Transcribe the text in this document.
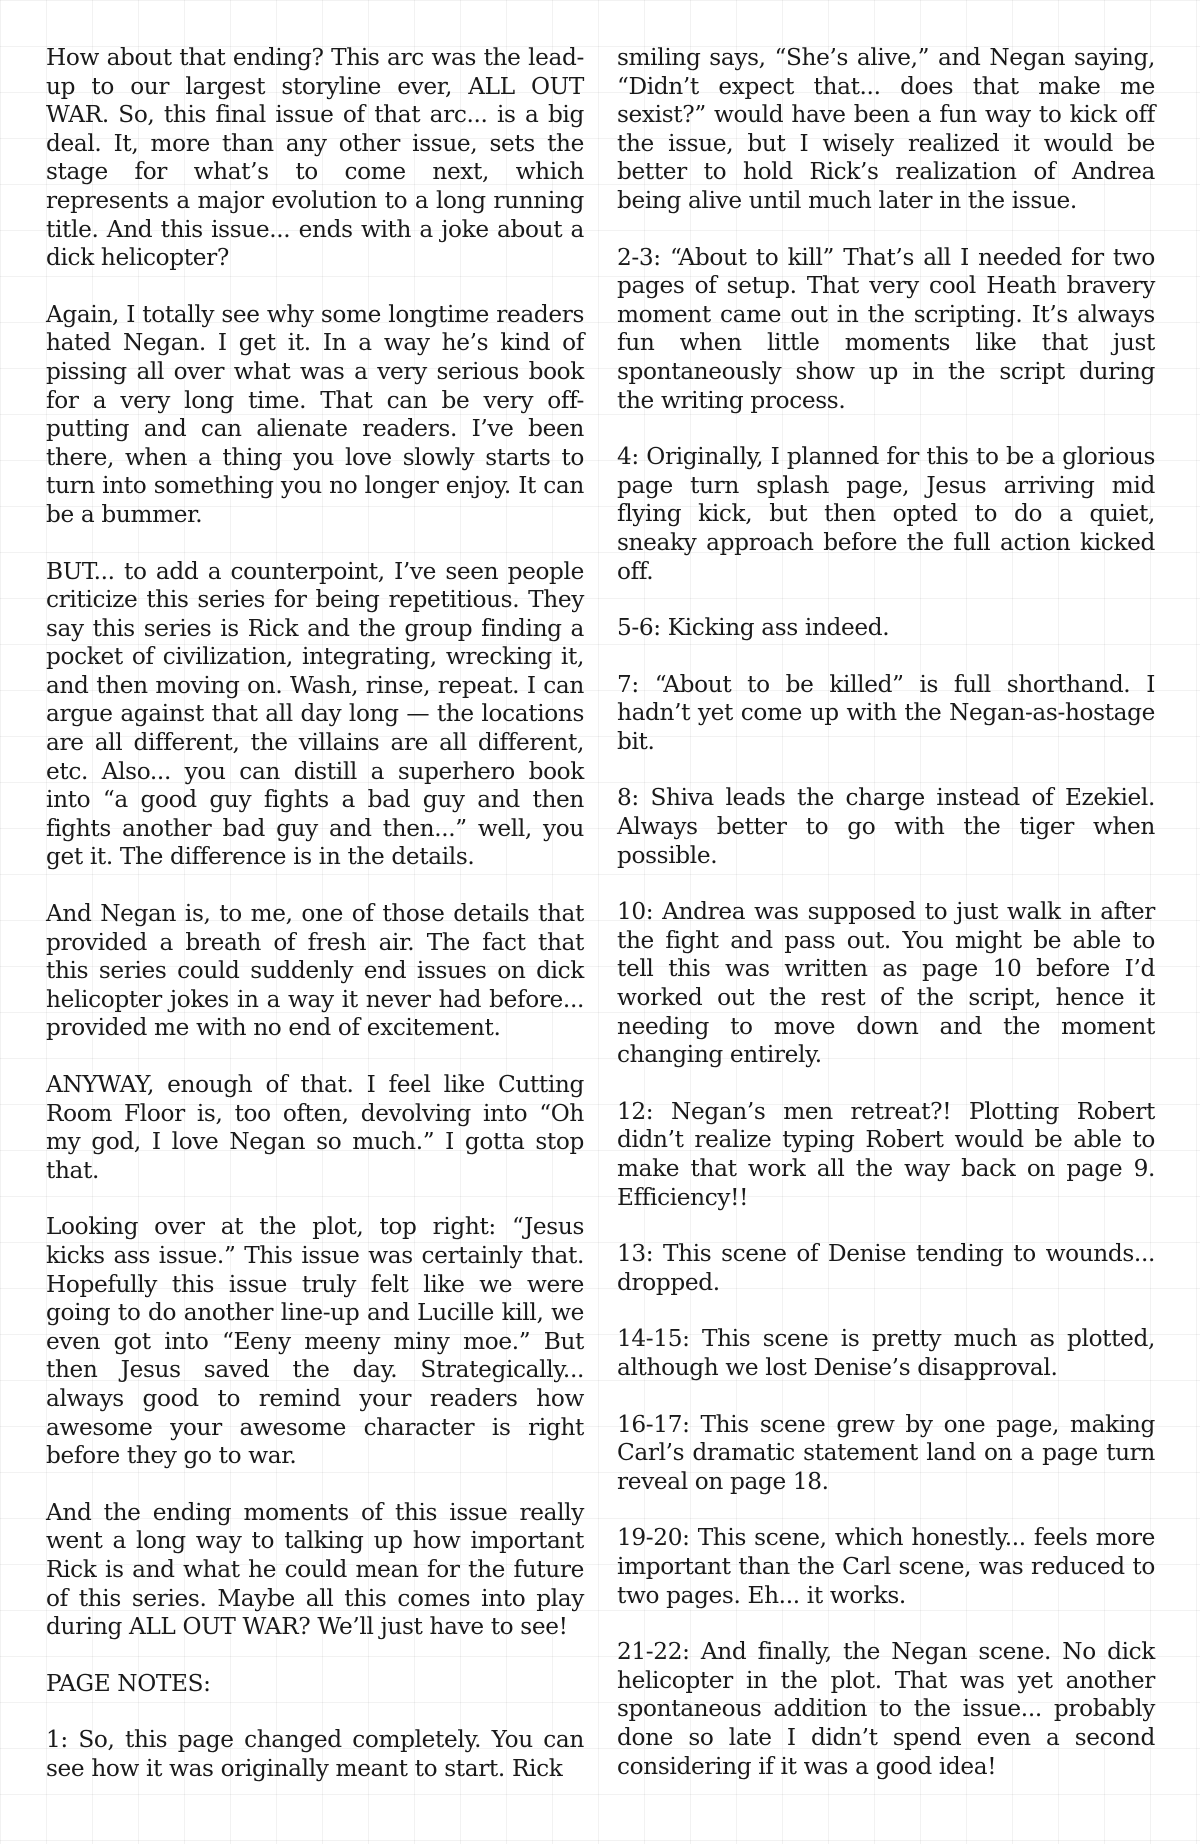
How about that ending? This arc was the lead-up to our largest storyline ever, ALL OUT WAR. So, this final issue of that arc... is a big deal. It, more than any other issue, sets the stage for what’s to come next, which represents a major evolution to a long running title. And this issue... ends with a joke about a dick helicopter?

Again, I totally see why some longtime readers hated Negan. I get it. In a way he’s kind of pissing all over what was a very serious book for a very long time. That can be very off-putting and can alienate readers. I’ve been there, when a thing you love slowly starts to turn into something you no longer enjoy. It can be a bummer.

BUT... to add a counterpoint, I’ve seen people criticize this series for being repetitious. They say this series is Rick and the group finding a pocket of civilization, integrating, wrecking it, and then moving on. Wash, rinse, repeat. I can argue against that all day long — the locations are all different, the villains are all different, etc. Also... you can distill a superhero book into “a good guy fights a bad guy and then fights another bad guy and then...” well, you get it. The difference is in the details.

And Negan is, to me, one of those details that provided a breath of fresh air. The fact that this series could suddenly end issues on dick helicopter jokes in a way it never had before... provided me with no end of excitement.

ANYWAY, enough of that. I feel like Cutting Room Floor is, too often, devolving into “Oh my god, I love Negan so much.” I gotta stop that.

Looking over at the plot, top right: “Jesus kicks ass issue.” This issue was certainly that. Hopefully this issue truly felt like we were going to do another line-up and Lucille kill, we even got into “Eeny meeny miny moe.” But then Jesus saved the day. Strategically... always good to remind your readers how awesome your awesome character is right before they go to war.

And the ending moments of this issue really went a long way to talking up how important Rick is and what he could mean for the future of this series. Maybe all this comes into play during ALL OUT WAR? We’ll just have to see!

PAGE NOTES:

1: So, this page changed completely. You can see how it was originally meant to start. Rick

smiling says, “She’s alive,” and Negan saying, “Didn’t expect that... does that make me sexist?” would have been a fun way to kick off the issue, but I wisely realized it would be better to hold Rick’s realization of Andrea being alive until much later in the issue.

2-3: “About to kill” That’s all I needed for two pages of setup. That very cool Heath bravery moment came out in the scripting. It’s always fun when little moments like that just spontaneously show up in the script during the writing process.

4: Originally, I planned for this to be a glorious page turn splash page, Jesus arriving mid flying kick, but then opted to do a quiet, sneaky approach before the full action kicked off.

5-6: Kicking ass indeed.

7: “About to be killed” is full shorthand. I hadn’t yet come up with the Negan-as-hostage bit.

8: Shiva leads the charge instead of Ezekiel. Always better to go with the tiger when possible.

10: Andrea was supposed to just walk in after the fight and pass out. You might be able to tell this was written as page 10 before I’d worked out the rest of the script, hence it needing to move down and the moment changing entirely.

12: Negan’s men retreat?! Plotting Robert didn’t realize typing Robert would be able to make that work all the way back on page 9. Efficiency!!

13: This scene of Denise tending to wounds... dropped.

14-15: This scene is pretty much as plotted, although we lost Denise’s disapproval.

16-17: This scene grew by one page, making Carl’s dramatic statement land on a page turn reveal on page 18.

19-20: This scene, which honestly... feels more important than the Carl scene, was reduced to two pages. Eh... it works.

21-22: And finally, the Negan scene. No dick helicopter in the plot. That was yet another spontaneous addition to the issue... probably done so late I didn’t spend even a second considering if it was a good idea!
